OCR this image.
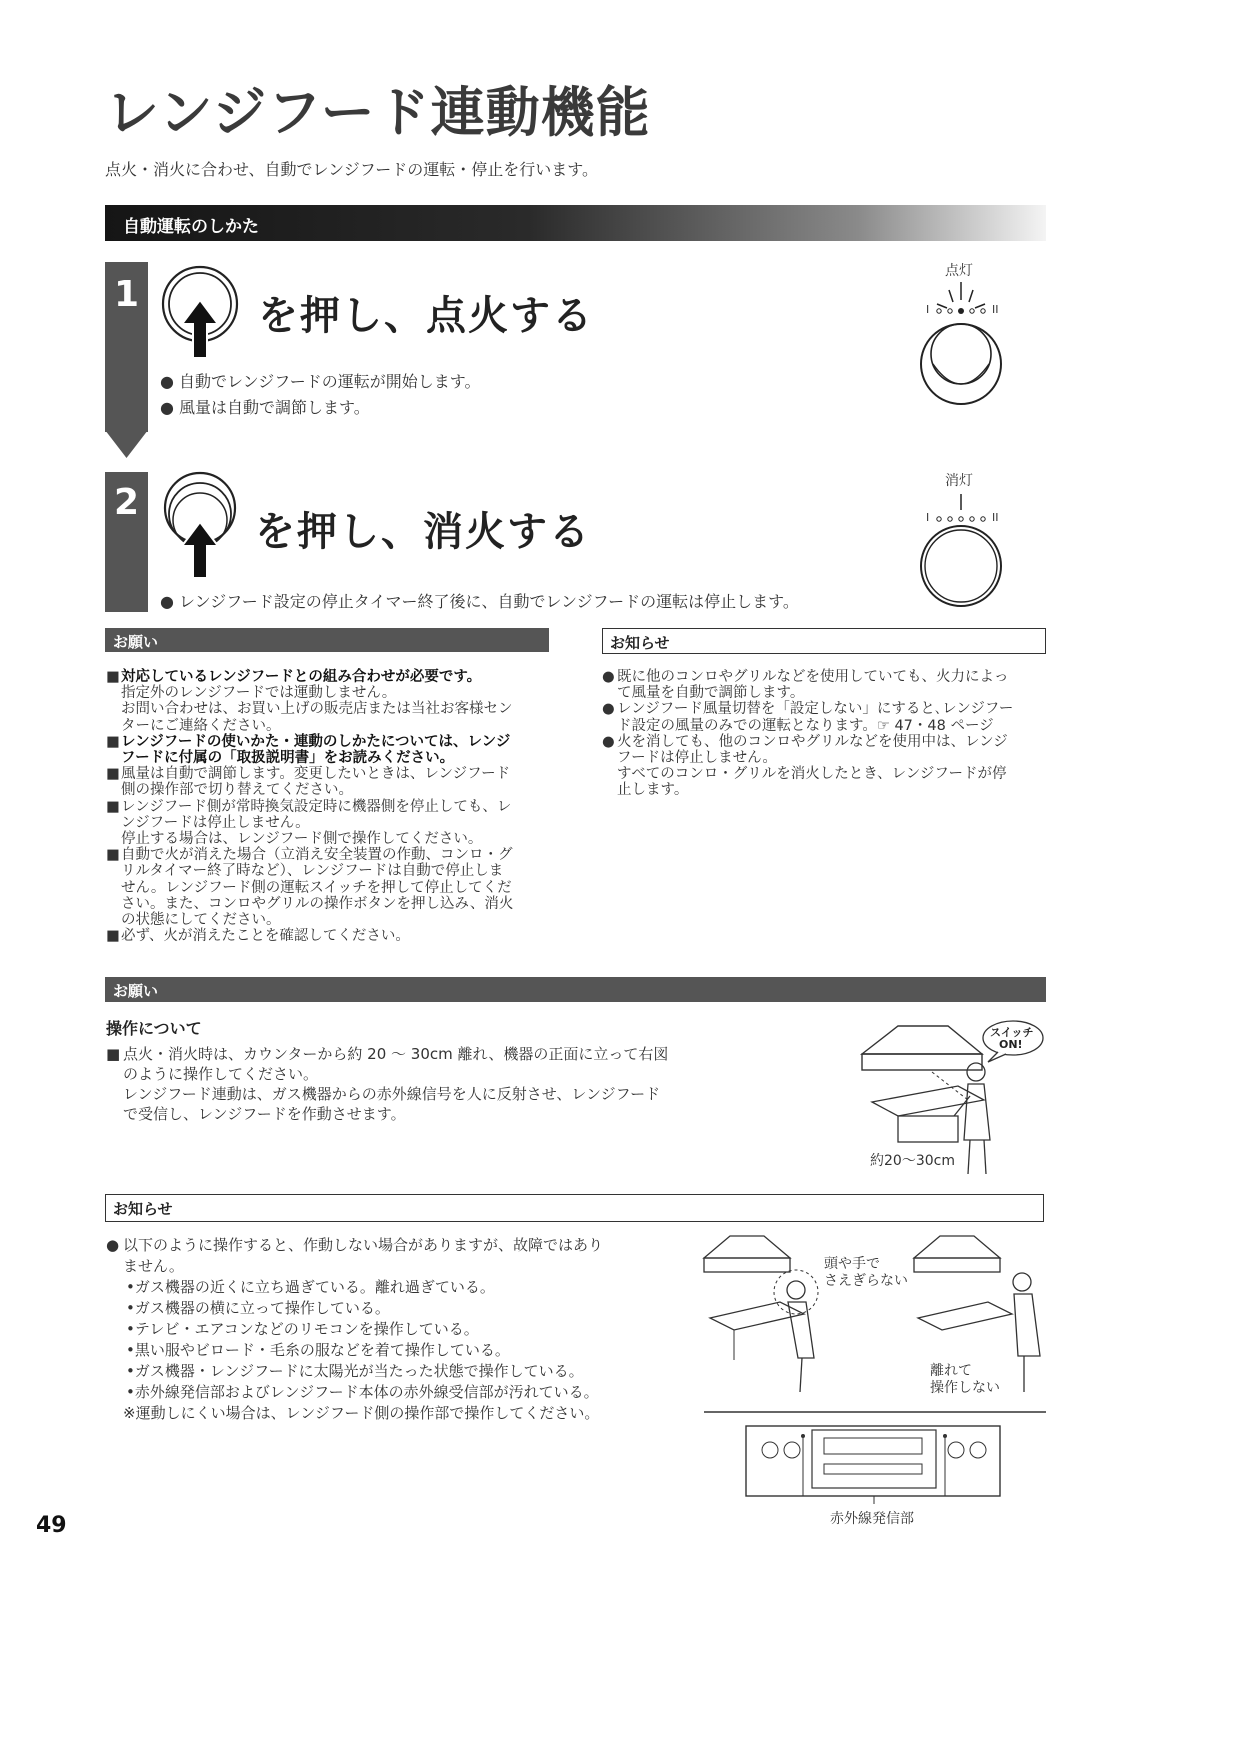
レンジフード連動機能
点火・消火に合わせ、自動でレンジフードの運転・停止を行います。
自動運転のしかた
1	を押し、点火する
● 自動でレンジフードの運転が開始します。
● 風量は自動で調節します。
点灯
I	II
2
を押し、消火する
● レンジフード設定の停止タイマー終了後に、自動でレンジフードの運転は停止します。
消灯
I	II
お願い
■ 対応しているレンジフードとの組み合わせが必要です。
指定外のレンジフードでは運動しません。
お問い合わせは、お買い上げの販売店または当社お客様セン
ターにご連絡ください。
■ レンジフードの使いかた・連動のしかたについては、レンジ
フードに付属の「取扱説明書」をお読みください。
■ 風量は自動で調節します。変更したいときは、レンジフード
側の操作部で切り替えてください。
■ レンジフード側が常時換気設定時に機器側を停止しても、レ
ンジフードは停止しません。
停止する場合は、レンジフード側で操作してください。
■ 自動で火が消えた場合（立消え安全装置の作動、コンロ・グ
リルタイマー終了時など）、レンジフードは自動で停止しま
せん。レンジフード側の運転スイッチを押して停止してくだ
さい。また、コンロやグリルの操作ボタンを押し込み、消火
の状態にしてください。
■ 必ず、火が消えたことを確認してください。
お知らせ
● 既に他のコンロやグリルなどを使用していても、火力によっ
て風量を自動で調節します。
● レンジフード風量切替を「設定しない」にすると､レンジフー
ド設定の風量のみでの運転となります。☞ 47・48 ページ
● 火を消しても、他のコンロやグリルなどを使用中は、レンジ
フードは停止しません。
すべてのコンロ・グリルを消火したとき、レンジフードが停
止します。
お願い
操作について
■ 点火・消火時は、カウンターから約 20 ～ 30cm 離れ、機器の正面に立って右図
のように操作してください。
レンジフード連動は、ガス機器からの赤外線信号を人に反射させ、レンジフード
で受信し、レンジフードを作動させます。
スイッチ
ON!
約20～30cm
お知らせ
● 以下のように操作すると、作動しない場合がありますが、故障ではあり
ません。
•ガス機器の近くに立ち過ぎている。離れ過ぎている。
•ガス機器の横に立って操作している。
•テレビ・エアコンなどのリモコンを操作している。
•黒い服やビロード・毛糸の服などを着て操作している。
•ガス機器・レンジフードに太陽光が当たった状態で操作している。
•赤外線発信部およびレンジフード本体の赤外線受信部が汚れている。
※運動しにくい場合は、レンジフード側の操作部で操作してください。
頭や手で
さえぎらない
離れて
操作しない
赤外線発信部
49
